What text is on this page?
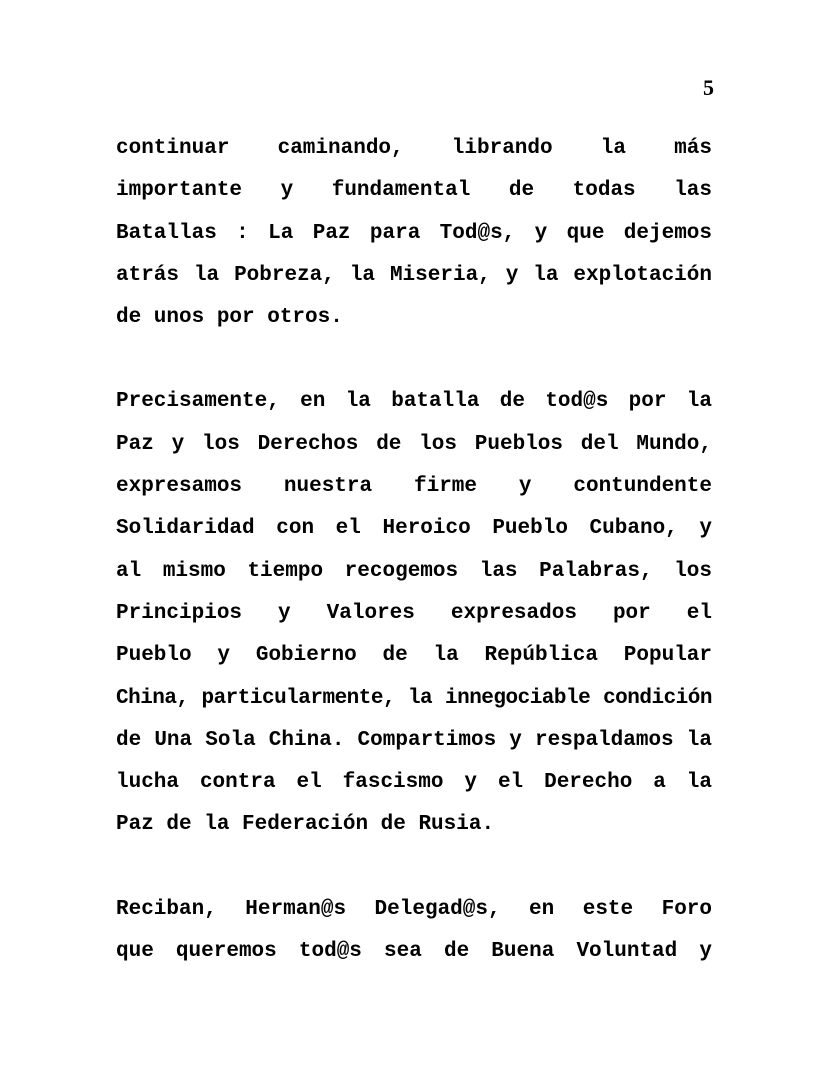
5

continuar caminando, librando la más
importante y fundamental de todas las
Batallas : La Paz para Tod@s, y que dejemos
atrás la Pobreza, la Miseria, y la explotación
de unos por otros.

Precisamente, en la batalla de tod@s por la
Paz y los Derechos de los Pueblos del Mundo,
expresamos nuestra firme y contundente
Solidaridad con el Heroico Pueblo Cubano, y
al mismo tiempo recogemos las Palabras, los
Principios y Valores expresados por el
Pueblo y Gobierno de la República Popular
China, particularmente, la innegociable condición
de Una Sola China. Compartimos y respaldamos la
lucha contra el fascismo y el Derecho a la
Paz de la Federación de Rusia.

Reciban, Herman@s Delegad@s, en este Foro
que queremos tod@s sea de Buena Voluntad y
